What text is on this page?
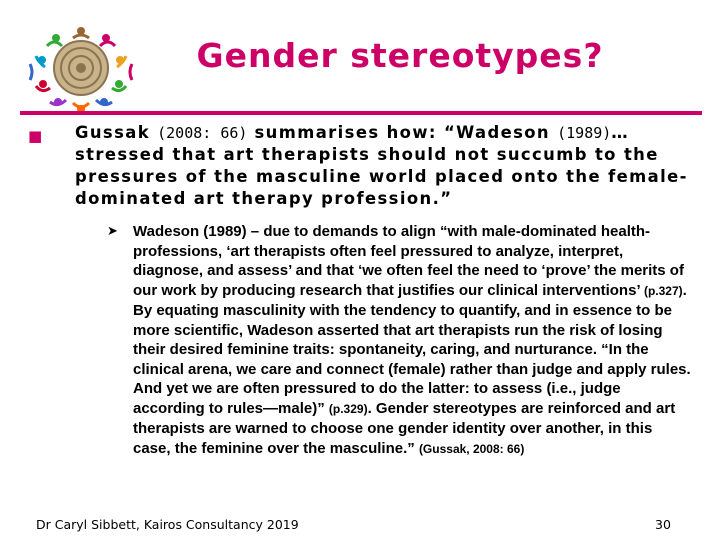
Gender stereotypes?
■	Gussak (2008: 66) summarises how: “Wadeson (1989)… stressed that art therapists should not succumb to the pressures of the masculine world placed onto the female-dominated art therapy profession.”
➤ Wadeson (1989) – due to demands to align “with male-dominated health-professions, ‘art therapists often feel pressured to analyze, interpret, diagnose, and assess’ and that ‘we often feel the need to ‘prove’ the merits of our work by producing research that justifies our clinical interventions’ (p.327). By equating masculinity with the tendency to quantify, and in essence to be more scientific, Wadeson asserted that art therapists run the risk of losing their desired feminine traits: spontaneity, caring, and nurturance. “In the clinical arena, we care and connect (female) rather than judge and apply rules. And yet we are often pressured to do the latter: to assess (i.e., judge according to rules—male)” (p.329). Gender stereotypes are reinforced and art therapists are warned to choose one gender identity over another, in this case, the feminine over the masculine.” (Gussak, 2008: 66)
Dr Caryl Sibbett, Kairos Consultancy 2019	30
